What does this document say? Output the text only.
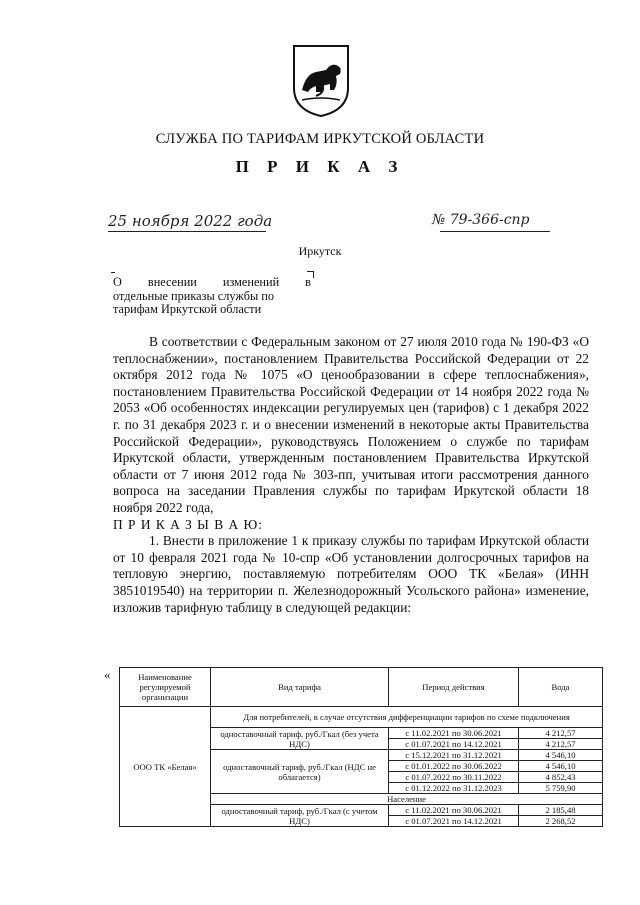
СЛУЖБА ПО ТАРИФАМ ИРКУТСКОЙ ОБЛАСТИ
П Р И К А З
25 ноября 2022 года	№ 79-366-спр
Иркутск
О внесении изменений в
отдельные приказы службы по
тарифам Иркутской области

В соответствии с Федеральным законом от 27 июля 2010 года № 190-ФЗ «О теплоснабжении», постановлением Правительства Российской Федерации от 22 октября 2012 года № 1075 «О ценообразовании в сфере теплоснабжения», постановлением Правительства Российской Федерации от 14 ноября 2022 года № 2053 «Об особенностях индексации регулируемых цен (тарифов) с 1 декабря 2022 г. по 31 декабря 2023 г. и о внесении изменений в некоторые акты Правительства Российской Федерации», руководствуясь Положением о службе по тарифам Иркутской области, утвержденным постановлением Правительства Иркутской области от 7 июня 2012 года № 303-пп, учитывая итоги рассмотрения данного вопроса на заседании Правления службы по тарифам Иркутской области 18 ноября 2022 года,

П Р И К А З Ы В А Ю:

1. Внести в приложение 1 к приказу службы по тарифам Иркутской области от 10 февраля 2021 года № 10-спр «Об установлении долгосрочных тарифов на тепловую энергию, поставляемую потребителям ООО ТК «Белая» (ИНН 3851019540) на территории п. Железнодорожный Усольского района» изменение, изложив тарифную таблицу в следующей редакции:

«	Наименование регулируемой организации	Вид тарифа	Период действия	Вода
ООО ТК «Белая»	Для потребителей, в случае отсутствия дифференциации тарифов по схеме подключения		
	одноставочный тариф, руб./Гкал (без учета НДС)	с 11.02.2021 по 30.06.2021	4 212,57
		с 01.07.2021 по 14.12.2021	4 212,57
	одноставочный тариф, руб./Гкал (НДС не облагается)	с 15.12.2021 по 31.12.2021	4 546,10
		с 01.01.2022 по 30.06.2022	4 546,10
		с 01.07.2022 по 30.11.2022	4 852,43
		с 01.12.2022 по 31.12.2023	5 759,90
	Население		
	одноставочный тариф, руб./Гкал (с учетом НДС)	с 11.02.2021 по 30.06.2021	2 185,48
		с 01.07.2021 по 14.12.2021	2 268,52
